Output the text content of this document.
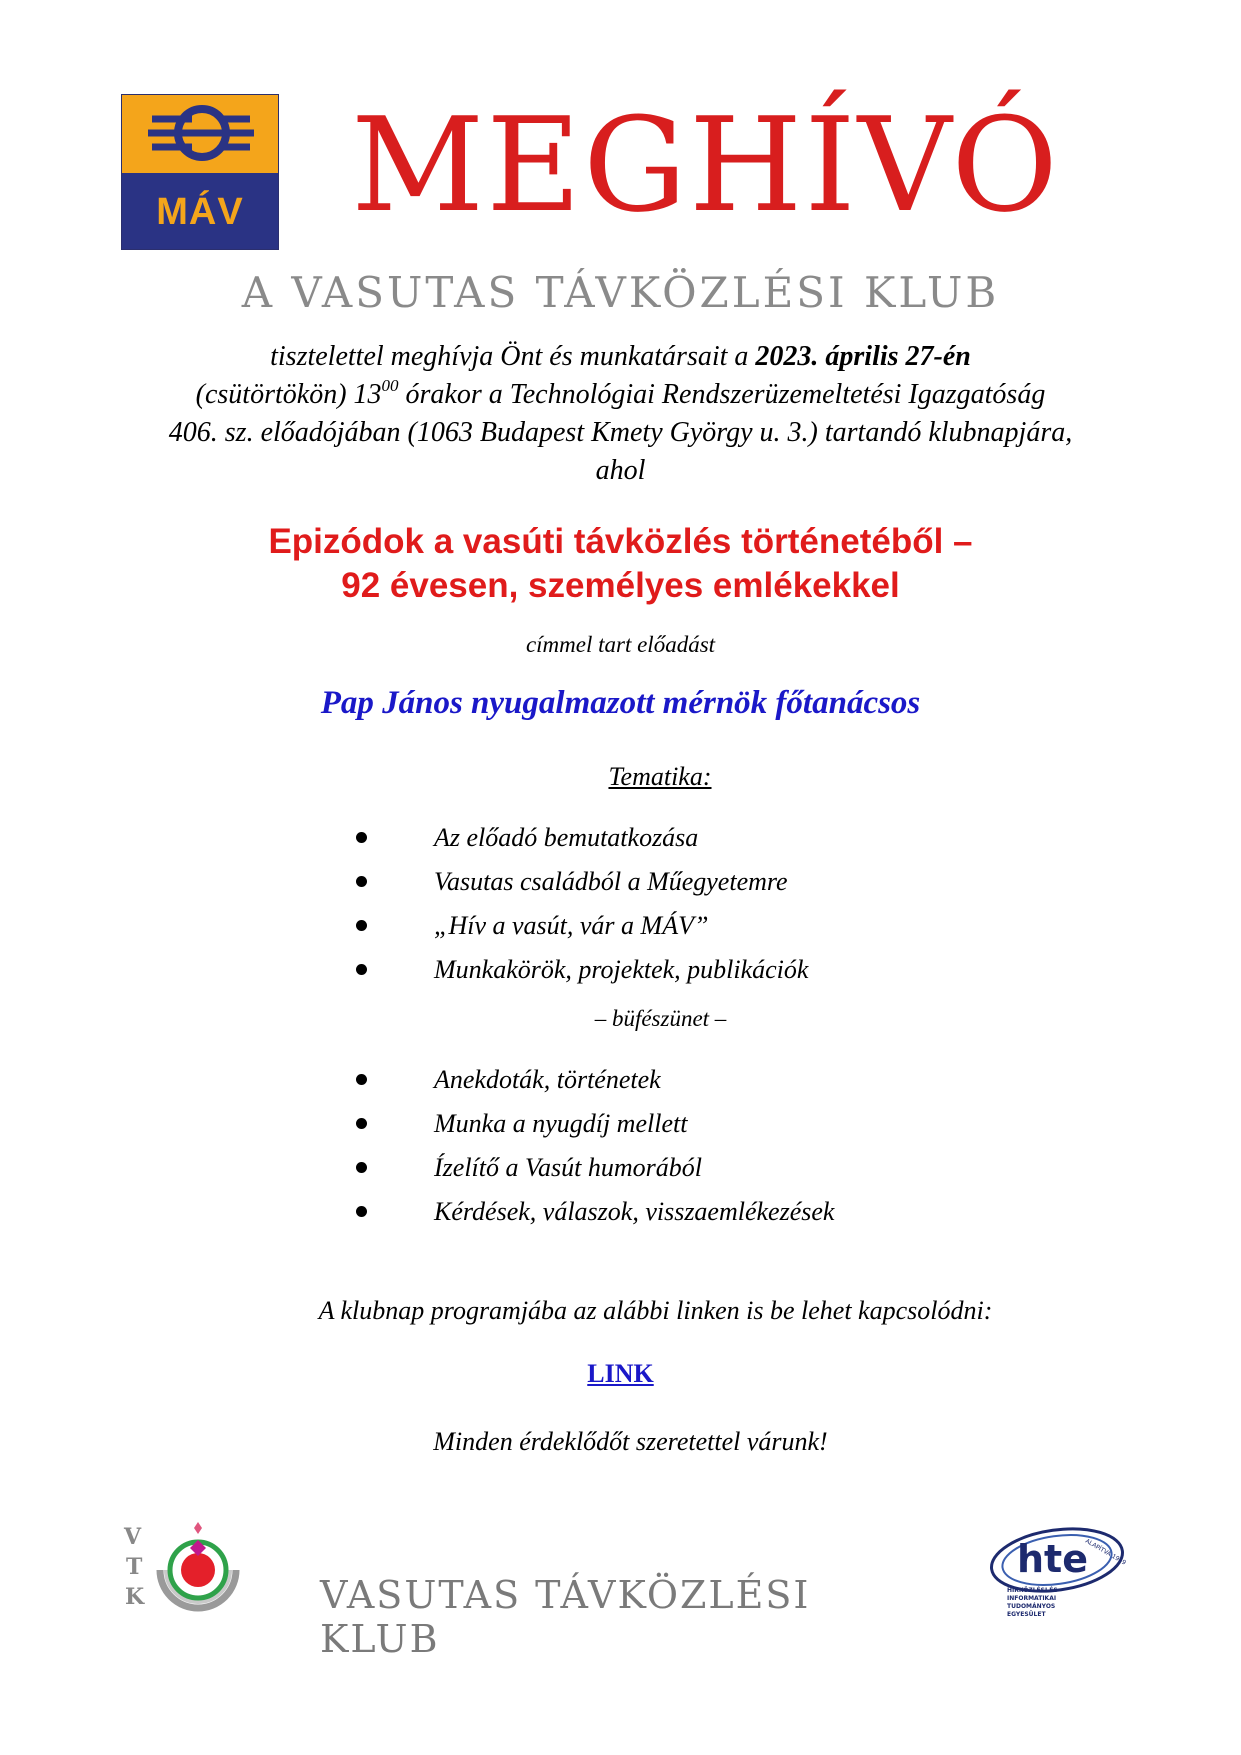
MÁV MEGHÍVÓ
A VASUTAS TÁVKÖZLÉSI KLUB
tisztelettel meghívja Önt és munkatársait a 2023. április 27-én
(csütörtökön) $13^{00}$ órakor a Technológiai Rendszerüzemeltetési Igazgatóság
406. sz. előadójában (1063 Budapest Kmety György u. 3.) tartandó klubnapjára,
ahol
Epizódok a vasúti távközlés történetéből –
92 évesen, személyes emlékekkel
címmel tart előadást
Pap János nyugalmazott mérnök főtanácsos
Tematika:
Az előadó bemutatkozása
Vasutas családból a Műegyetemre
„Hív a vasút, vár a MÁV”
Munkakörök, projektek, publikációk
– büfészünet –
Anekdoták, történetek
Munka a nyugdíj mellett
Ízelítő a Vasút humorából
Kérdések, válaszok, visszaemlékezések
A klubnap programjába az alábbi linken is be lehet kapcsolódni:
LINK
Minden érdeklődőt szeretettel várunk!
V
T
K	VASUTAS TÁVKÖZLÉSI KLUB
hte
ALAPÍTVA 1949
HÍRKÖZLÉSI ÉS
INFORMATIKAI
TUDOMÁNYOS
EGYESÜLET
